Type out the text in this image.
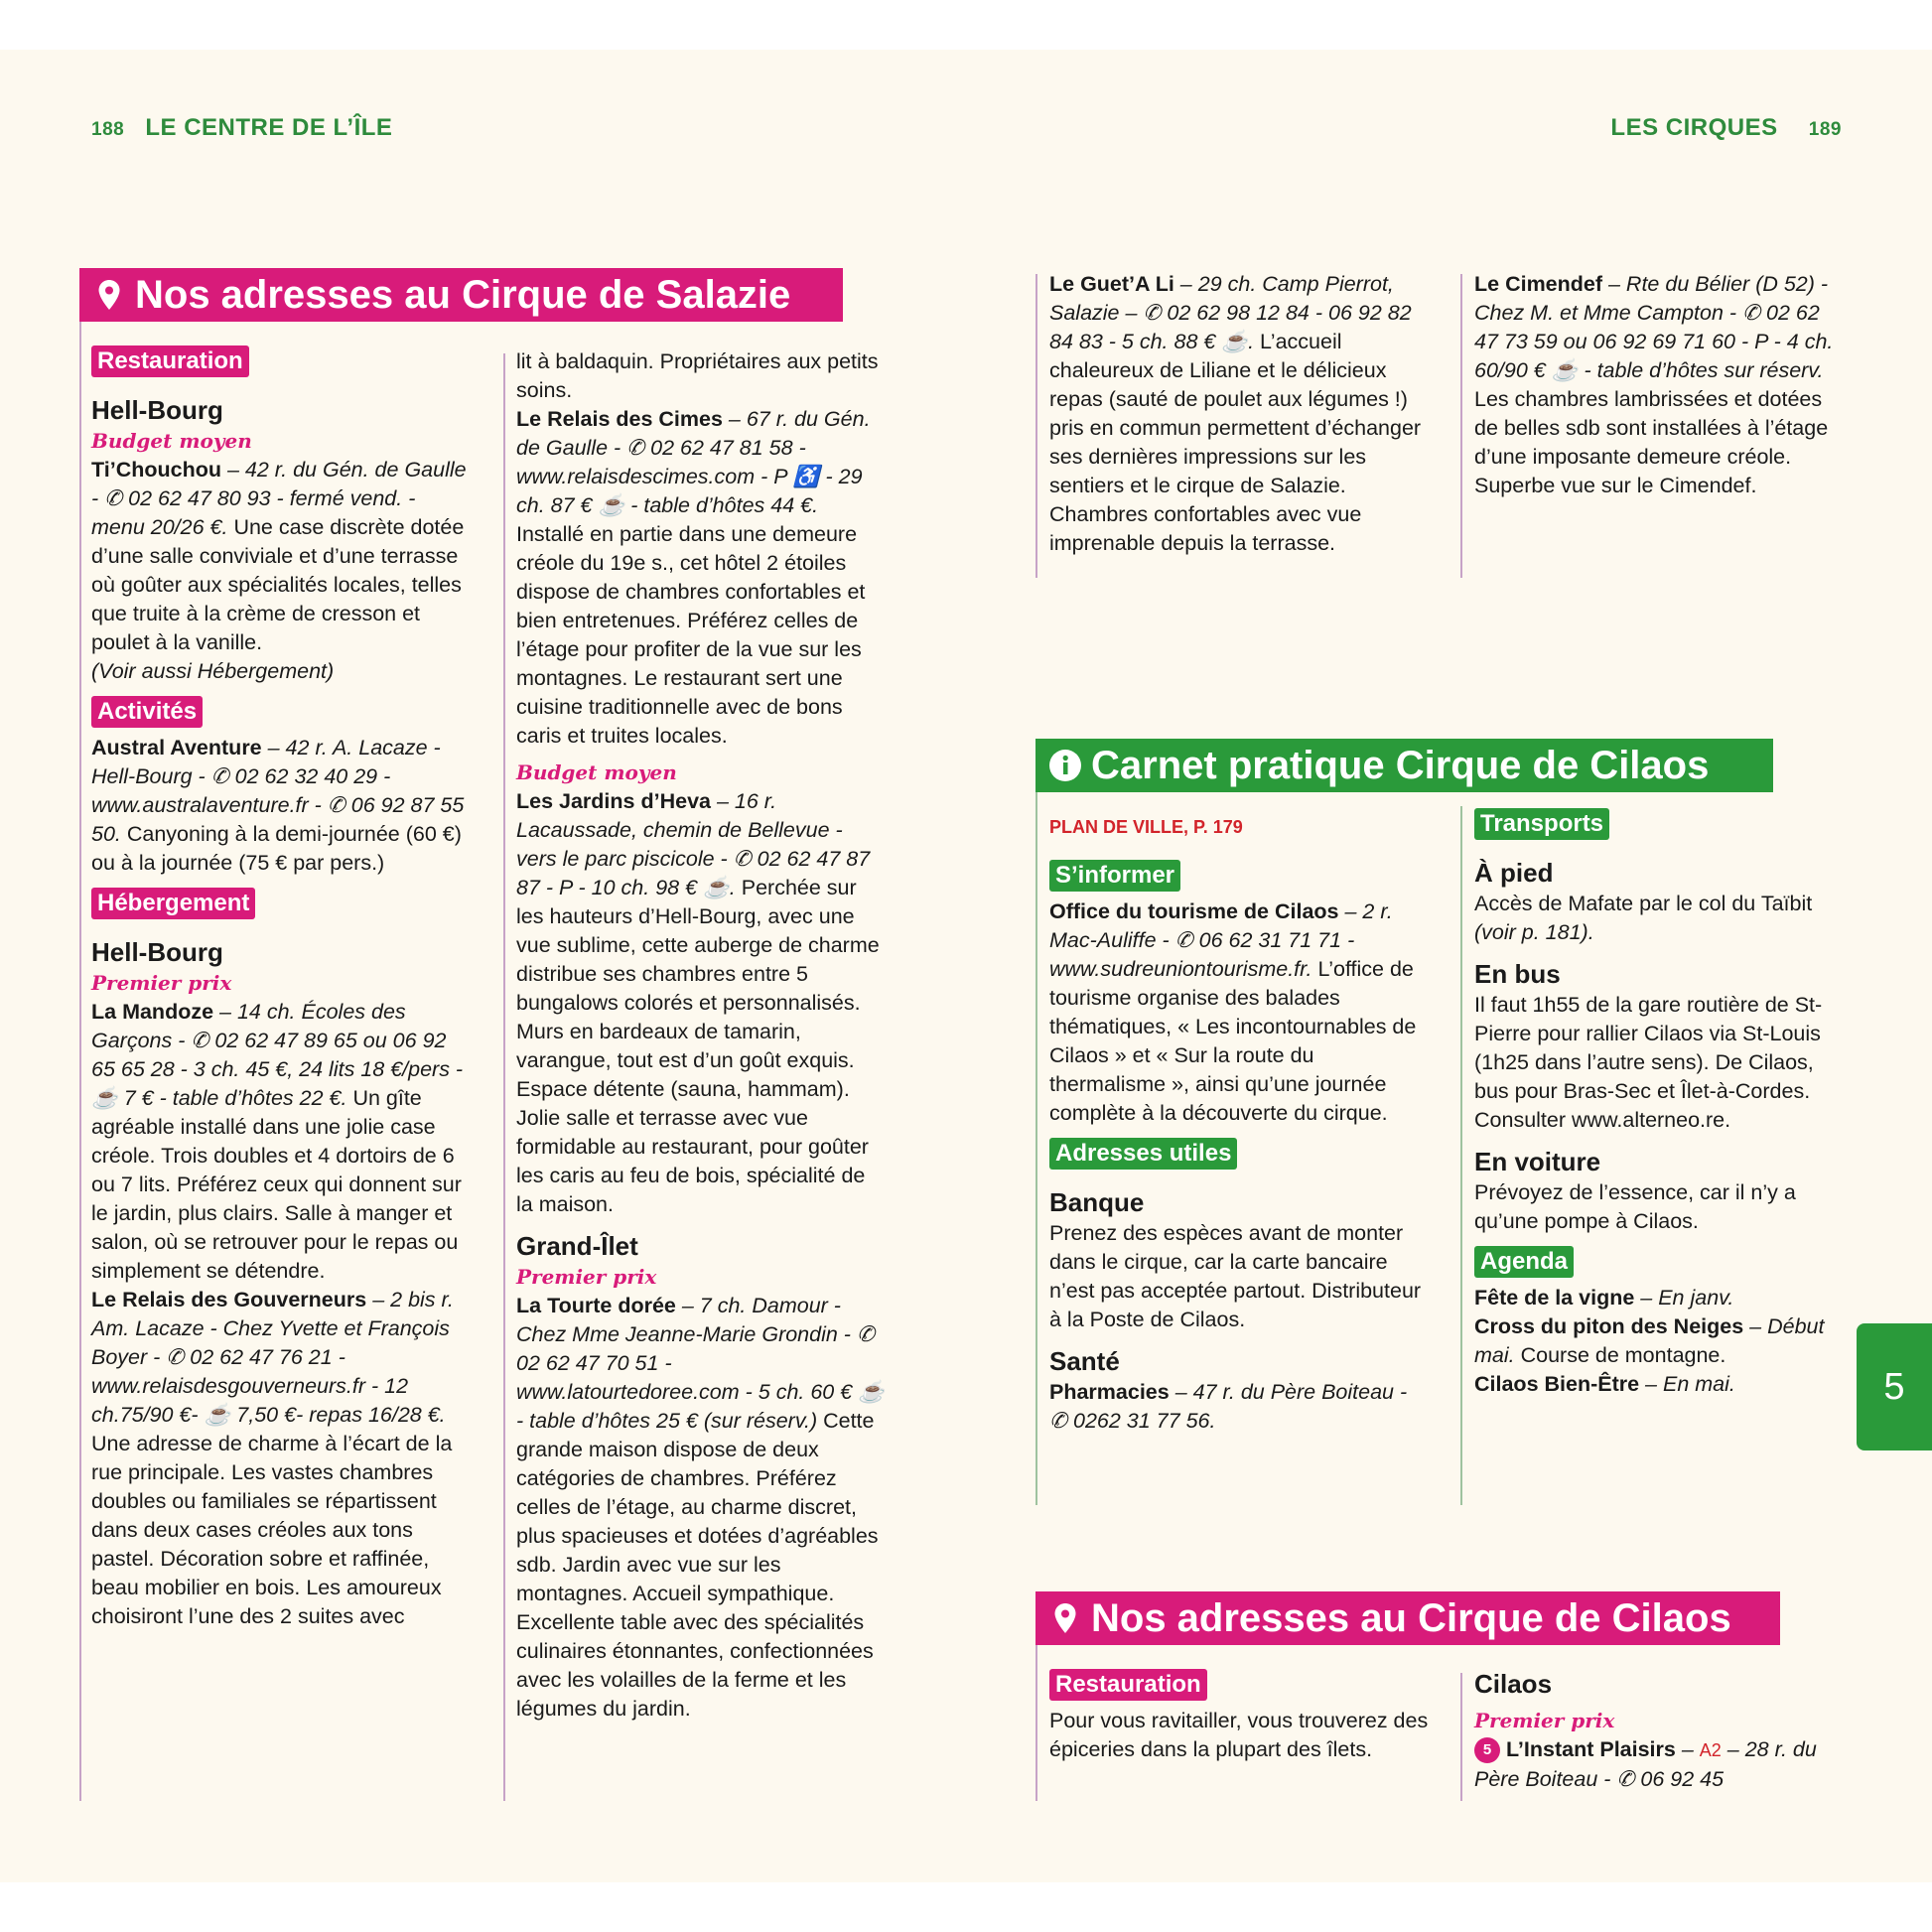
188 LE CENTRE DE L’ÎLE	LES CIRQUES 189
Nos adresses au Cirque de Salazie
Restauration
Hell-Bourg
Budget moyen

Ti’Chouchou – 42 r. du Gén. de Gaulle - ✆ 02 62 47 80 93 - fermé vend. - menu 20/26 €. Une case discrète dotée d’une salle conviviale et d’une terrasse où goûter aux spécialités locales, telles que truite à la crème de cresson et poulet à la vanille.

(Voir aussi Hébergement)

Activités

Austral Aventure – 42 r. A. Lacaze - Hell-Bourg - ✆ 02 62 32 40 29 - www.australaventure.fr - ✆ 06 92 87 55 50. Canyoning à la demi-journée (60 €) ou à la journée (75 € par pers.)

Hébergement
Hell-Bourg
Premier prix

La Mandoze – 14 ch. Écoles des Garçons - ✆ 02 62 47 89 65 ou 06 92 65 65 28 - 3 ch. 45 €, 24 lits 18 €/pers - ☕ 7 € - table d’hôtes 22 €. Un gîte agréable installé dans une jolie case créole. Trois doubles et 4 dortoirs de 6 ou 7 lits. Préférez ceux qui donnent sur le jardin, plus clairs. Salle à manger et salon, où se retrouver pour le repas ou simplement se détendre.

Le Relais des Gouverneurs – 2 bis r. Am. Lacaze - Chez Yvette et François Boyer - ✆ 02 62 47 76 21 - www.relaisdesgouverneurs.fr - 12 ch.75/90 €- ☕ 7,50 €- repas 16/28 €. Une adresse de charme à l’écart de la rue principale. Les vastes chambres doubles ou familiales se répartissent dans deux cases créoles aux tons pastel. Décoration sobre et raffinée, beau mobilier en bois. Les amoureux choisiront l’une des 2 suites avec

lit à baldaquin. Propriétaires aux petits soins.

Le Relais des Cimes – 67 r. du Gén. de Gaulle - ✆ 02 62 47 81 58 - www.relaisdescimes.com - P ♿ - 29 ch. 87 € ☕ - table d’hôtes 44 €. Installé en partie dans une demeure créole du 19e s., cet hôtel 2 étoiles dispose de chambres confortables et bien entretenues. Préférez celles de l’étage pour profiter de la vue sur les montagnes. Le restaurant sert une cuisine traditionnelle avec de bons caris et truites locales.

Budget moyen

Les Jardins d’Heva – 16 r. Lacaussade, chemin de Bellevue - vers le parc piscicole - ✆ 02 62 47 87 87 - P - 10 ch. 98 € ☕. Perchée sur les hauteurs d’Hell-Bourg, avec une vue sublime, cette auberge de charme distribue ses chambres entre 5 bungalows colorés et personnalisés. Murs en bardeaux de tamarin, varangue, tout est d’un goût exquis. Espace détente (sauna, hammam). Jolie salle et terrasse avec vue formidable au restaurant, pour goûter les caris au feu de bois, spécialité de la maison.

Grand-Îlet
Premier prix

La Tourte dorée – 7 ch. Damour - Chez Mme Jeanne-Marie Grondin - ✆ 02 62 47 70 51 - www.latourtedoree.com - 5 ch. 60 € ☕ - table d’hôtes 25 € (sur réserv.) Cette grande maison dispose de deux catégories de chambres. Préférez celles de l’étage, au charme discret, plus spacieuses et dotées d’agréables sdb. Jardin avec vue sur les montagnes. Accueil sympathique. Excellente table avec des spécialités culinaires étonnantes, confectionnées avec les volailles de la ferme et les légumes du jardin.

Le Guet’A Li – 29 ch. Camp Pierrot, Salazie – ✆ 02 62 98 12 84 - 06 92 82 84 83 - 5 ch. 88 € ☕. L’accueil chaleureux de Liliane et le délicieux repas (sauté de poulet aux légumes !) pris en commun permettent d’échanger ses dernières impressions sur les sentiers et le cirque de Salazie. Chambres confortables avec vue imprenable depuis la terrasse.

Le Cimendef – Rte du Bélier (D 52) - Chez M. et Mme Campton - ✆ 02 62 47 73 59 ou 06 92 69 71 60 - P - 4 ch. 60/90 € ☕ - table d’hôtes sur réserv. Les chambres lambrissées et dotées de belles sdb sont installées à l’étage d’une imposante demeure créole. Superbe vue sur le Cimendef.

Carnet pratique Cirque de Cilaos
PLAN DE VILLE, P. 179
S’informer

Office du tourisme de Cilaos – 2 r. Mac-Auliffe - ✆ 06 62 31 71 71 - www.sudreuniontourisme.fr. L’office de tourisme organise des balades thématiques, « Les incontournables de Cilaos » et « Sur la route du thermalisme », ainsi qu’une journée complète à la découverte du cirque.

Adresses utiles
Banque

Prenez des espèces avant de monter dans le cirque, car la carte bancaire n’est pas acceptée partout. Distributeur à la Poste de Cilaos.

Santé

Pharmacies – 47 r. du Père Boiteau - ✆ 0262 31 77 56.

Transports
À pied

Accès de Mafate par le col du Taïbit (voir p. 181).

En bus

Il faut 1h55 de la gare routière de St-Pierre pour rallier Cilaos via St-Louis (1h25 dans l’autre sens). De Cilaos, bus pour Bras-Sec et Îlet-à-Cordes. Consulter www.alterneo.re.

En voiture

Prévoyez de l’essence, car il n’y a qu’une pompe à Cilaos.

Agenda

Fête de la vigne – En janv.

Cross du piton des Neiges – Début mai. Course de montagne.

Cilaos Bien-Être – En mai.

Nos adresses au Cirque de Cilaos
Restauration

Pour vous ravitailler, vous trouverez des épiceries dans la plupart des îlets.

Cilaos
Premier prix

5 L’Instant Plaisirs – A2 – 28 r. du Père Boiteau - ✆ 06 92 45

5
